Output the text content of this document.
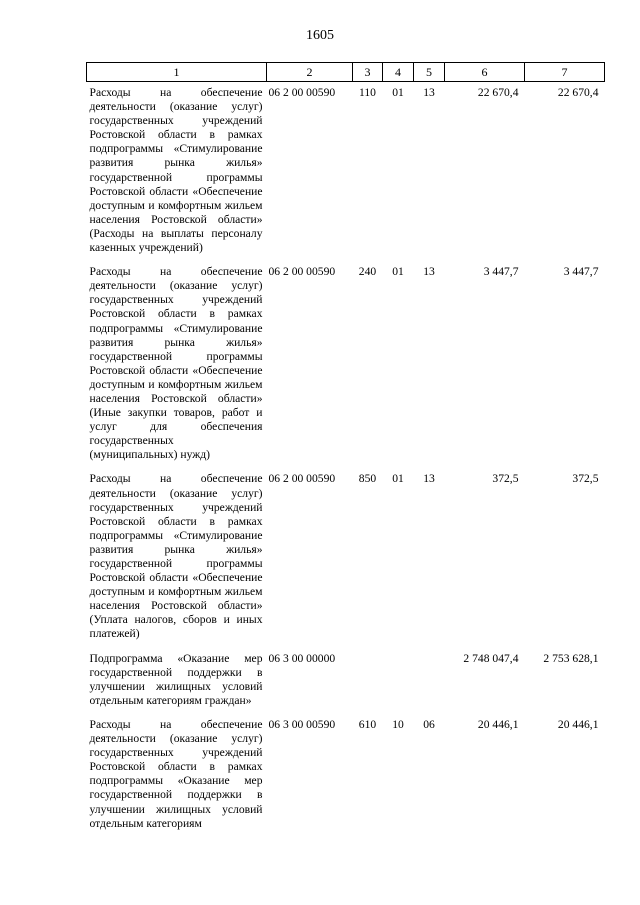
1605
1	2	3	4	5	6	7
Расходы на обеспечение деятельности (оказание услуг) государственных учреждений Ростовской области в рамках подпрограммы «Стимулирование развития рынка жилья» государственной программы Ростовской области «Обеспечение доступным и комфортным жильем населения Ростовской области» (Расходы на выплаты персоналу казенных учреждений)	06 2 00 00590	110	01	13	22 670,4	22 670,4
Расходы на обеспечение деятельности (оказание услуг) государственных учреждений Ростовской области в рамках подпрограммы «Стимулирование развития рынка жилья» государственной программы Ростовской области «Обеспечение доступным и комфортным жильем населения Ростовской области» (Иные закупки товаров, работ и услуг для обеспечения государственных (муниципальных) нужд)	06 2 00 00590	240	01	13	3 447,7	3 447,7
Расходы на обеспечение деятельности (оказание услуг) государственных учреждений Ростовской области в рамках подпрограммы «Стимулирование развития рынка жилья» государственной программы Ростовской области «Обеспечение доступным и комфортным жильем населения Ростовской области» (Уплата налогов, сборов и иных платежей)	06 2 00 00590	850	01	13	372,5	372,5
Подпрограмма «Оказание мер государственной поддержки в улучшении жилищных условий отдельным категориям граждан»	06 3 00 00000				2 748 047,4	2 753 628,1
Расходы на обеспечение деятельности (оказание услуг) государственных учреждений Ростовской области в рамках подпрограммы «Оказание мер государственной поддержки в улучшении жилищных условий отдельным категориям	06 3 00 00590	610	10	06	20 446,1	20 446,1
